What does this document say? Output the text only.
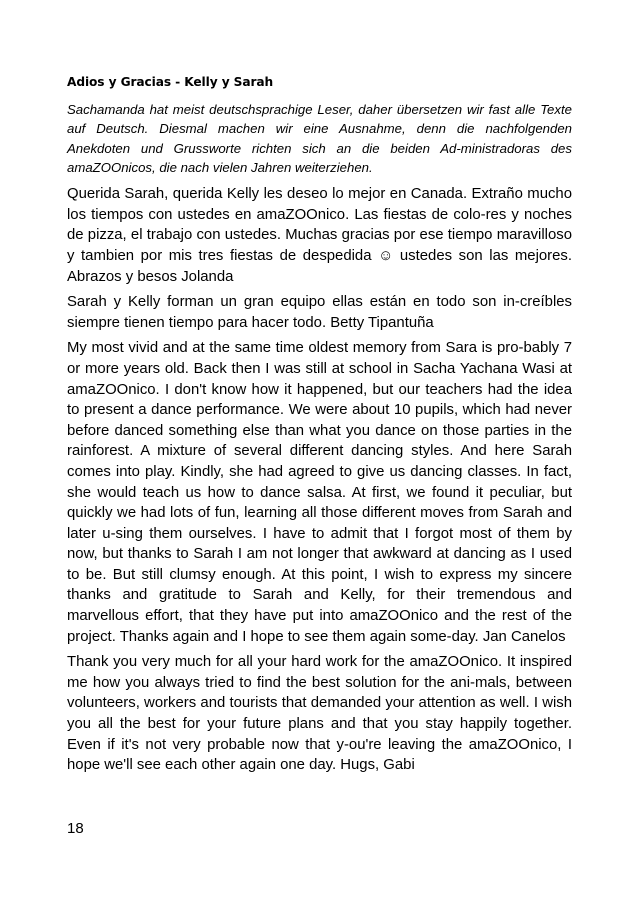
Adios y Gracias - Kelly y Sarah

Sachamanda hat meist deutschsprachige Leser, daher übersetzen wir fast alle Texte auf Deutsch. Diesmal machen wir eine Ausnahme, denn die nachfolgenden Anekdoten und Grussworte richten sich an die beiden Ad-ministradoras des amaZOOnicos, die nach vielen Jahren weiterziehen.

Querida Sarah, querida Kelly les deseo lo mejor en Canada. Extraño mucho los tiempos con ustedes en amaZOOnico. Las fiestas de colo-res y noches de pizza, el trabajo con ustedes. Muchas gracias por ese tiempo maravilloso y tambien por mis tres fiestas de despedida ☺ ustedes son las mejores. Abrazos y besos Jolanda

Sarah y Kelly forman un gran equipo ellas están en todo son in-creíbles siempre tienen tiempo para hacer todo. Betty Tipantuña

My most vivid and at the same time oldest memory from Sara is pro-bably 7 or more years old. Back then I was still at school in Sacha Yachana Wasi at amaZOOnico. I don't know how it happened, but our teachers had the idea to present a dance performance. We were about 10 pupils, which had never before danced something else than what you dance on those parties in the rainforest. A mixture of several different dancing styles. And here Sarah comes into play. Kindly, she had agreed to give us dancing classes. In fact, she would teach us how to dance salsa. At first, we found it peculiar, but quickly we had lots of fun, learning all those different moves from Sarah and later u-sing them ourselves. I have to admit that I forgot most of them by now, but thanks to Sarah I am not longer that awkward at dancing as I used to be. But still clumsy enough. At this point, I wish to express my sincere thanks and gratitude to Sarah and Kelly, for their tremendous and marvellous effort, that they have put into amaZOOnico and the rest of the project. Thanks again and I hope to see them again some-day. Jan Canelos

Thank you very much for all your hard work for the amaZOOnico. It inspired me how you always tried to find the best solution for the ani-mals, between volunteers, workers and tourists that demanded your attention as well. I wish you all the best for your future plans and that you stay happily together. Even if it's not very probable now that y-ou're leaving the amaZOOnico, I hope we'll see each other again one day. Hugs, Gabi

18
